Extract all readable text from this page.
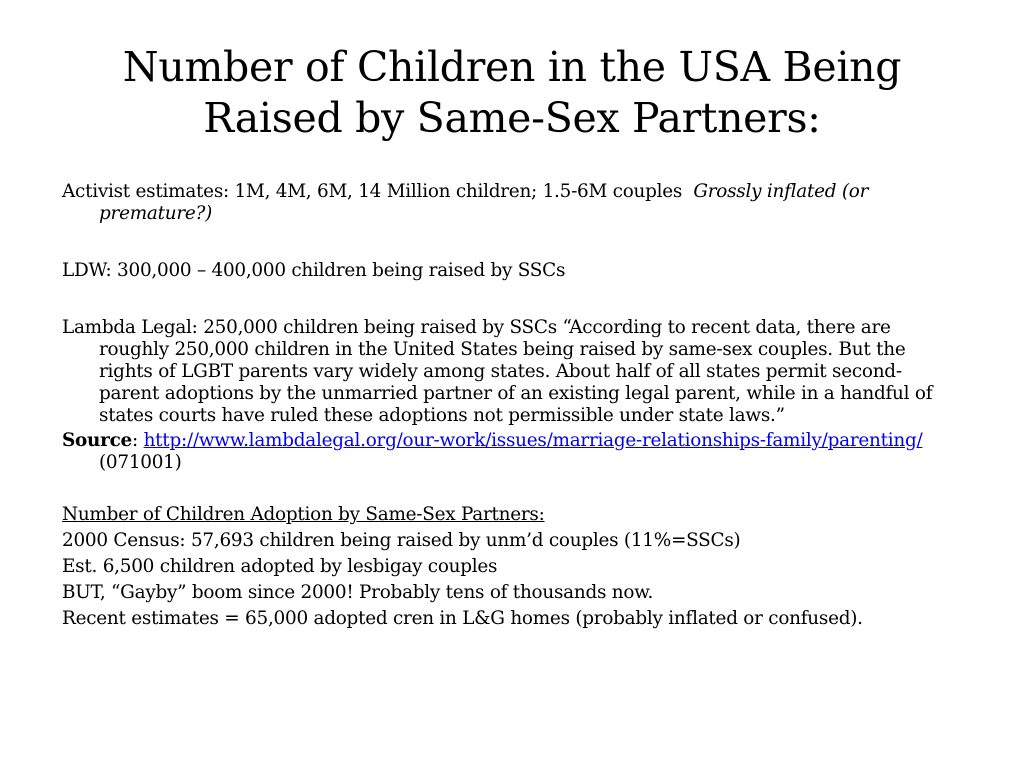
Number of Children in the USA Being
Raised by Same-Sex Partners:

Activist estimates: 1M, 4M, 6M, 14 Million children; 1.5-6M couples Grossly inflated (or premature?)

LDW: 300,000 – 400,000 children being raised by SSCs

Lambda Legal: 250,000 children being raised by SSCs “According to recent data, there are roughly 250,000 children in the United States being raised by same-sex couples. But the rights of LGBT parents vary widely among states. About half of all states permit second-parent adoptions by the unmarried partner of an existing legal parent, while in a handful of states courts have ruled these adoptions not permissible under state laws.”

Source: http://www.lambdalegal.org/our-work/issues/marriage-relationships-family/parenting/  (071001)

Number of Children Adoption by Same-Sex Partners:

2000 Census: 57,693 children being raised by unm’d couples (11%=SSCs)

Est. 6,500 children adopted by lesbigay couples

BUT, “Gayby” boom since 2000! Probably tens of thousands now.

Recent estimates = 65,000 adopted cren in L&G homes (probably inflated or confused).
